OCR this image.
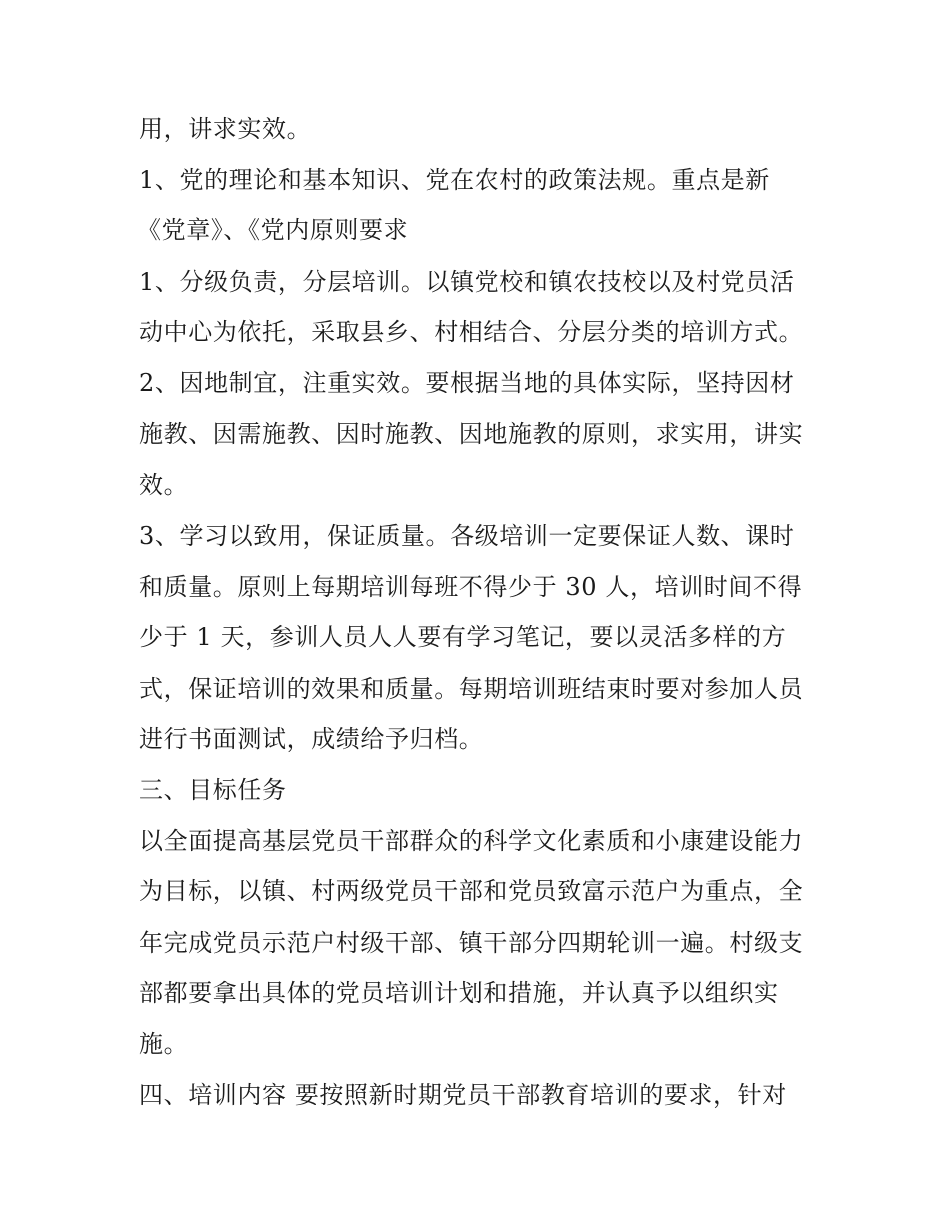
用，讲求实效。
1、党的理论和基本知识、党在农村的政策法规。重点是新
《党章》、《党内原则要求
1、分级负责，分层培训。以镇党校和镇农技校以及村党员活
动中心为依托，采取县乡、村相结合、分层分类的培训方式。
2、因地制宜，注重实效。要根据当地的具体实际，坚持因材
施教、因需施教、因时施教、因地施教的原则，求实用，讲实
效。
3、学习以致用，保证质量。各级培训一定要保证人数、课时
和质量。原则上每期培训每班不得少于 30 人，培训时间不得
少于 1 天，参训人员人人要有学习笔记，要以灵活多样的方
式，保证培训的效果和质量。每期培训班结束时要对参加人员
进行书面测试，成绩给予归档。
三、目标任务
以全面提高基层党员干部群众的科学文化素质和小康建设能力
为目标，以镇、村两级党员干部和党员致富示范户为重点，全
年完成党员示范户村级干部、镇干部分四期轮训一遍。村级支
部都要拿出具体的党员培训计划和措施，并认真予以组织实
施。
四、培训内容 要按照新时期党员干部教育培训的要求，针对
